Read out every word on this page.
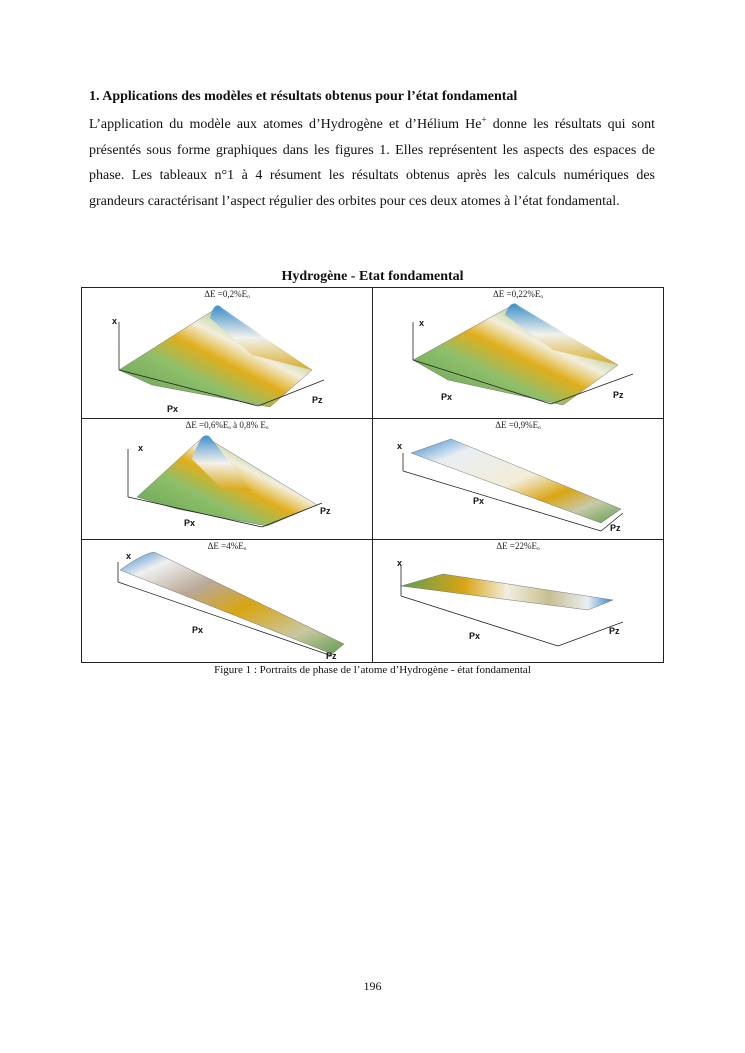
1. Applications des modèles et résultats obtenus pour l’état fondamental
L’application du modèle aux atomes d’Hydrogène et d’Hélium He+ donne les résultats qui sont présentés sous forme graphiques dans les figures 1. Elles représentent les aspects des espaces de phase. Les tableaux n°1 à 4 résument les résultats obtenus après les calculs numériques des grandeurs caractérisant l’aspect régulier des orbites pour ces deux atomes à l’état fondamental.
Hydrogène - Etat fondamental
ΔE =0,2%Eₒ
x
Px
Pz
ΔE =0,22%Eₒ
x
Px	Pz
ΔE =0,6%Eₒ à 0,8% Eₒ
x
Px
Pz
ΔE =0,9%Eₒ
x
Px
Pz
ΔE =4%Eₒ
x
Px
Pz
ΔE =22%Eₒ
x
Px	Pz
Figure 1 : Portraits de phase de l’atome d’Hydrogène - état fondamental
196
